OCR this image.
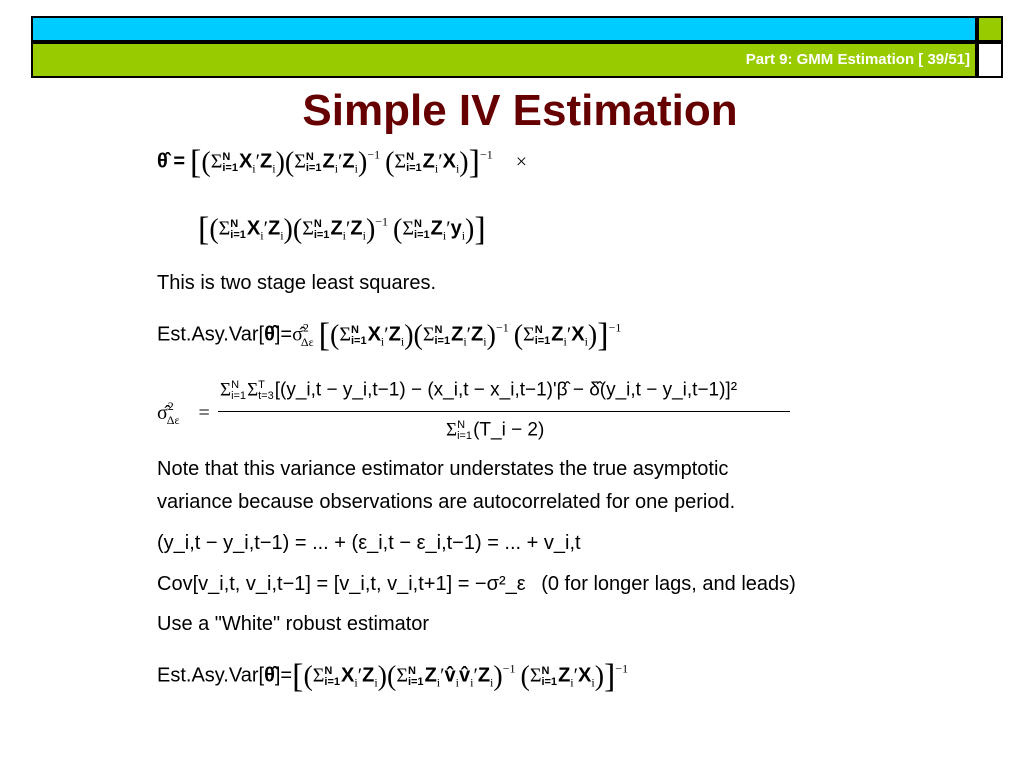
Part 9: GMM Estimation [ 39/51]
Simple IV Estimation
θ̂ = [(Σ N
i=1 $X_i'Z_i)(\Sigma$ N
i=1 $Z_i'Z_i)^{-1}$ (Σ N
i=1 $Z_i'X_i)]^{-1}$ ×
[(Σ N
i=1 $X_i'Z_i)(\Sigma$ N
i=1 $Z_i'Z_i)^{-1}$ (Σ N
i=1 $Z_i'y_i$)]
This is two stage least squares.
Est.Asy.Var[θ̂]=σ̂$^2_{\Delta\varepsilon}$ [(Σ N
i=1 $X_i'Z_i)(\Sigma$ N
i=1 $Z_i'Z_i)^{-1}$ (Σ N
i=1 $Z_i'X_i)]^{-1}$
σ̂$^2_{\Delta\varepsilon}$ =
Σ N
i=1 Σ T
t=3 [(y_i,t − y_i,t−1) − (x_i,t − x_i,t−1)'β̂ − δ̂(y_i,t − y_i,t−1)]²
Σ N
i=1 (T_i − 2)
Note that this variance estimator understates the true asymptotic
variance because observations are autocorrelated for one period.
(y_i,t − y_i,t−1) = ... + (ε_i,t − ε_i,t−1) = ... + v_i,t
Cov[v_i,t, v_i,t−1] = [v_i,t, v_i,t+1] = −σ²_ε (0 for longer lags, and leads)
Use a "White" robust estimator
Est.Asy.Var[θ̂]=[(Σ N
i=1 $X_i'Z_i)(\Sigma$ N
i=1 $Z_i'v̂_iv̂_i'Z_i)^{-1}$ (Σ N
i=1 $Z_i'X_i)]^{-1}$
